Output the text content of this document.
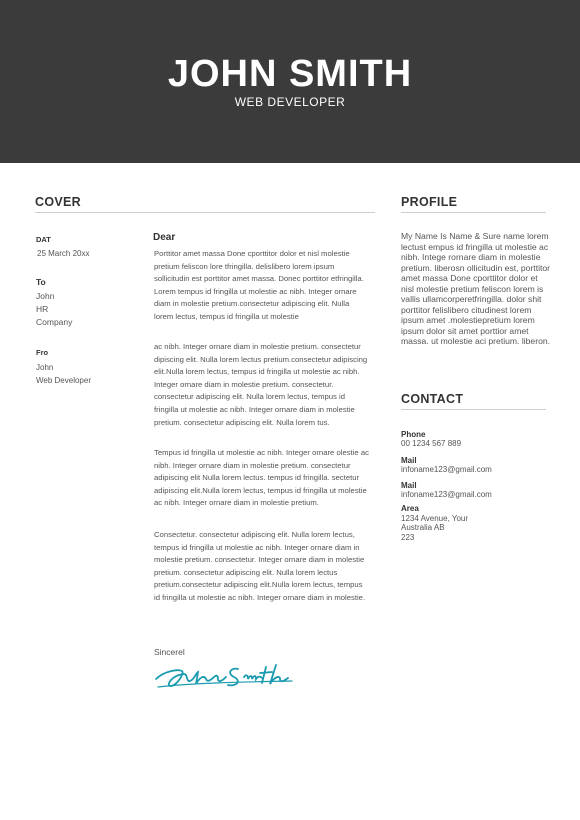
JOHN SMITH
WEB DEVELOPER
COVER
DAT
25 March 20xx
To
John
HR
Company
Fro
John
Web Developer
Dear
Porttitor amet massa Done cporttitor dolor et nisl molestie pretium feliscon lore tfringilla. delislibero lorem ipsum sollicitudin est porttitor amet massa. Donec porttitor etfringilla. Lorem tempus id fringilla ut molestie ac nibh. Integer ornare diam in molestie pretium.consectetur adipiscing elit. Nulla lorem lectus, tempus id fringilla ut molestie
ac nibh. Integer ornare diam in molestie pretium. consectetur dipiscing elit. Nulla lorem lectus pretium.consectetur adipiscing elit.Nulla lorem lectus, tempus id fringilla ut molestie ac nibh. Integer ornare diam in molestie pretium. consectetur. consectetur adipiscing elit. Nulla lorem lectus, tempus id fringilla ut molestie ac nibh. Integer ornare diam in molestie pretium. consectetur adipiscing elit. Nulla lorem tus.
Tempus id fringilla ut molestie ac nibh. Integer ornare olestie ac nibh. Integer ornare diam in molestie pretium. consectetur adipiscing elit Nulla lorem lectus. tempus id fringilla. sectetur adipiscing elit.Nulla lorem lectus, tempus id fringilla ut molestie ac nibh. Integer ornare diam in molestie pretium.
Consectetur. consectetur adipiscing elit. Nulla lorem lectus, tempus id fringilla ut molestie ac nibh. Integer ornare diam in molestie pretium. consectetur. Integer ornare diam in molestie pretium. consectetur adipiscing elit. Nulla lorem lectus pretium.consectetur adipiscing elit.Nulla lorem lectus, tempus id fringilla ut molestie ac nibh. Integer ornare diam in molestie.
Sincerel
PROFILE
My Name Is Name & Sure name lorem lectust empus id fringilla ut molestie ac nibh. Intege rornare diam in molestie pretium. liberosn ollicitudin est, porttitor amet massa Done cporttitor dolor et nisl molestie pretium feliscon lorem is vallis ullamcorperetfringilla. dolor shit porttitor felislibero citudinest lorem ipsum amet .molestiepretium lorem ipsum dolor sit amet porttior amet massa. ut molestie aci pretium. liberon.
CONTACT
Phone
00 1234 567 889
Mail
infoname123@gmail.com
Mail
infoname123@gmail.com
Area
1234 Avenue, Your
Australia AB
223
